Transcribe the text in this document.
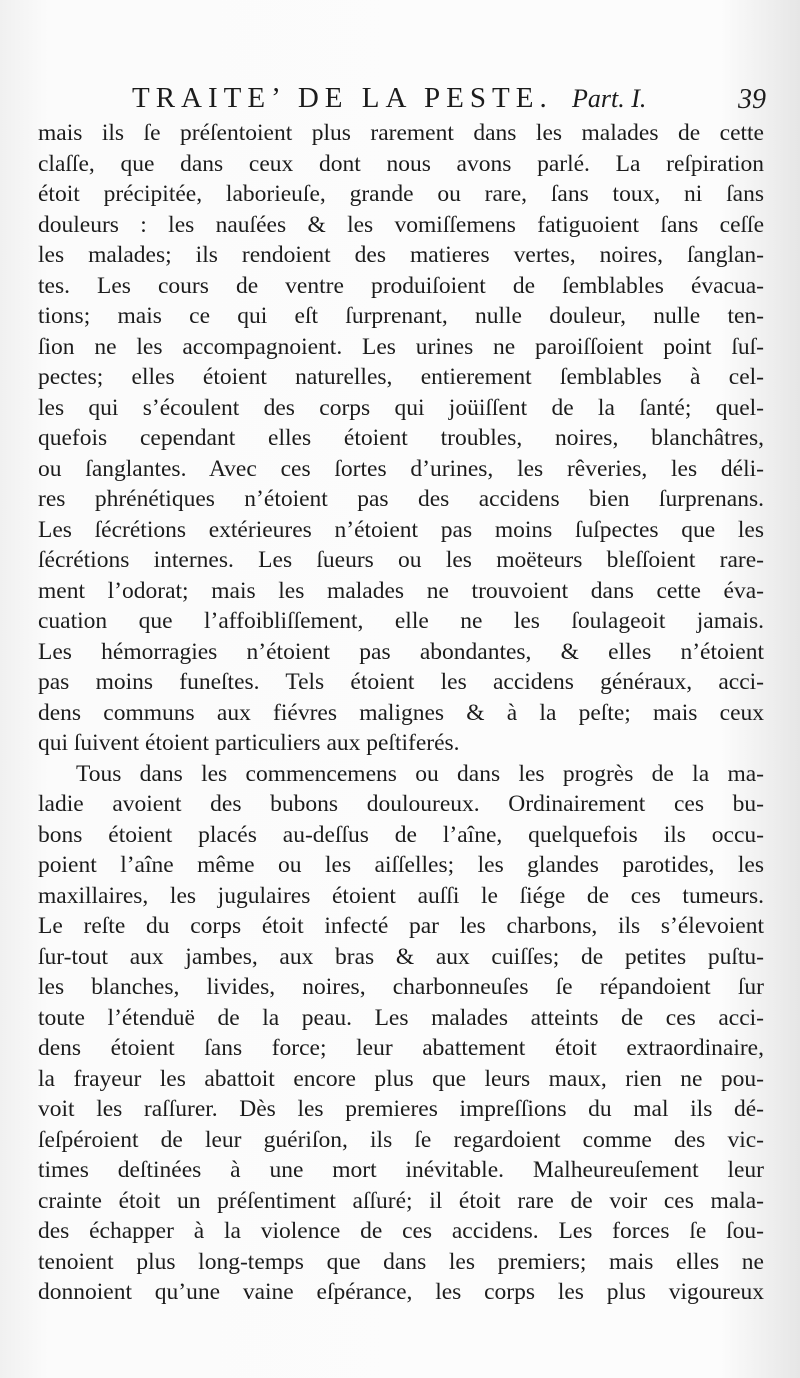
TRAITE’ DE LA PESTE. Part. I.	39
mais ils ſe préſentoient plus rarement dans les malades de cette
claſſe, que dans ceux dont nous avons parlé. La reſpiration
étoit précipitée, laborieuſe, grande ou rare, ſans toux, ni ſans
douleurs : les nauſées & les vomiſſemens fatiguoient ſans ceſſe
les malades; ils rendoient des matieres vertes, noires, ſanglan-
tes. Les cours de ventre produiſoient de ſemblables évacua-
tions; mais ce qui eſt ſurprenant, nulle douleur, nulle ten-
ſion ne les accompagnoient. Les urines ne paroiſſoient point ſuſ-
pectes; elles étoient naturelles, entierement ſemblables à cel-
les qui s’écoulent des corps qui joüiſſent de la ſanté; quel-
quefois cependant elles étoient troubles, noires, blanchâtres,
ou ſanglantes. Avec ces ſortes d’urines, les rêveries, les déli-
res phrénétiques n’étoient pas des accidens bien ſurprenans.
Les ſécrétions extérieures n’étoient pas moins ſuſpectes que les
ſécrétions internes. Les ſueurs ou les moëteurs bleſſoient rare-
ment l’odorat; mais les malades ne trouvoient dans cette éva-
cuation que l’affoibliſſement, elle ne les ſoulageoit jamais.
Les hémorragies n’étoient pas abondantes, & elles n’étoient
pas moins funeſtes. Tels étoient les accidens généraux, acci-
dens communs aux fiévres malignes & à la peſte; mais ceux
qui ſuivent étoient particuliers aux peſtiferés.
Tous dans les commencemens ou dans les progrès de la ma-
ladie avoient des bubons douloureux. Ordinairement ces bu-
bons étoient placés au-deſſus de l’aîne, quelquefois ils occu-
poient l’aîne même ou les aiſſelles; les glandes parotides, les
maxillaires, les jugulaires étoient auſſi le ſiége de ces tumeurs.
Le reſte du corps étoit infecté par les charbons, ils s’élevoient
ſur-tout aux jambes, aux bras & aux cuiſſes; de petites puſtu-
les blanches, livides, noires, charbonneuſes ſe répandoient ſur
toute l’étenduë de la peau. Les malades atteints de ces acci-
dens étoient ſans force; leur abattement étoit extraordinaire,
la frayeur les abattoit encore plus que leurs maux, rien ne pou-
voit les raſſurer. Dès les premieres impreſſions du mal ils dé-
ſeſpéroient de leur guériſon, ils ſe regardoient comme des vic-
times deſtinées à une mort inévitable. Malheureuſement leur
crainte étoit un préſentiment aſſuré; il étoit rare de voir ces mala-
des échapper à la violence de ces accidens. Les forces ſe ſou-
tenoient plus long-temps que dans les premiers; mais elles ne
donnoient qu’une vaine eſpérance, les corps les plus vigoureux
